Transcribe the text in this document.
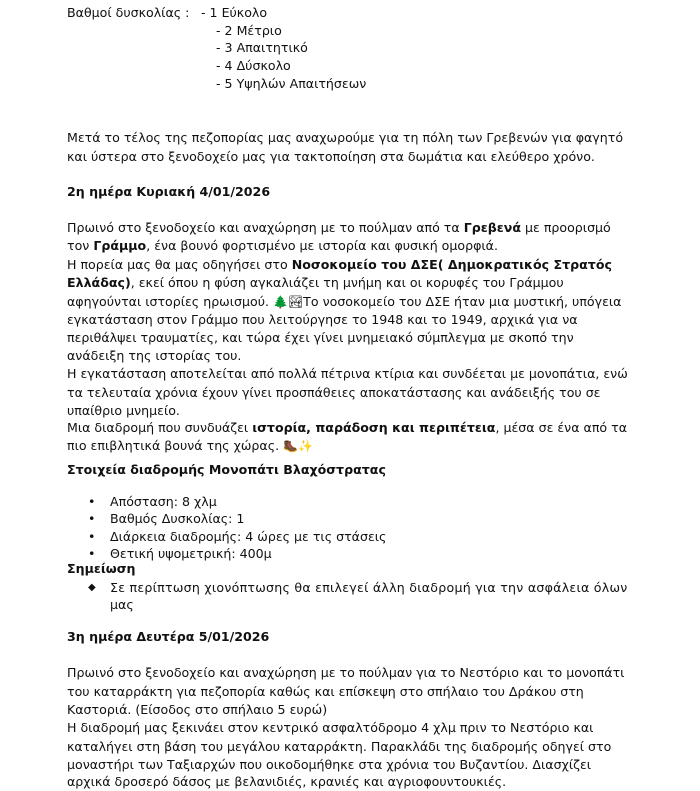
Βαθμοί δυσκολίας : - 1 Εύκολο
- 2 Μέτριο
- 3 Απαιτητικό
- 4 Δύσκολο
- 5 Υψηλών Απαιτήσεων
Μετά το τέλος της πεζοπορίας μας αναχωρούμε για τη πόλη των Γρεβενών για φαγητό
και ύστερα στο ξενοδοχείο μας για τακτοποίηση στα δωμάτια και ελεύθερο χρόνο.
2η ημέρα Κυριακή 4/01/2026
Πρωινό στο ξενοδοχείο και αναχώρηση με το πούλμαν από τα Γρεβενά με προορισμό
τον Γράμμο, ένα βουνό φορτισμένο με ιστορία και φυσική ομορφιά.
Η πορεία μας θα μας οδηγήσει στο Νοσοκομείο του ΔΣΕ( Δημοκρατικός Στρατός
Ελλάδας), εκεί όπου η φύση αγκαλιάζει τη μνήμη και οι κορυφές του Γράμμου
αφηγούνται ιστορίες ηρωισμού. 🌲🏞Το νοσοκομείο του ΔΣΕ ήταν μια μυστική, υπόγεια
εγκατάσταση στον Γράμμο που λειτούργησε το 1948 και το 1949, αρχικά για να
περιθάλψει τραυματίες, και τώρα έχει γίνει μνημειακό σύμπλεγμα με σκοπό την
ανάδειξη της ιστορίας του.
Η εγκατάσταση αποτελείται από πολλά πέτρινα κτίρια και συνδέεται με μονοπάτια, ενώ
τα τελευταία χρόνια έχουν γίνει προσπάθειες αποκατάστασης και ανάδειξής του σε
υπαίθριο μνημείο.
Μια διαδρομή που συνδυάζει ιστορία, παράδοση και περιπέτεια, μέσα σε ένα από τα
πιο επιβλητικά βουνά της χώρας. 🥾✨
Στοιχεία διαδρομής Μονοπάτι Βλαχόστρατας
• Απόσταση: 8 χλμ
• Βαθμός Δυσκολίας: 1
• Διάρκεια διαδρομής: 4 ώρες με τις στάσεις
• Θετική υψομετρική: 400μ
Σημείωση
◆ Σε περίπτωση χιονόπτωσης θα επιλεγεί άλλη διαδρομή για την ασφάλεια όλων
μας
3η ημέρα Δευτέρα 5/01/2026
Πρωινό στο ξενοδοχείο και αναχώρηση με το πούλμαν για το Νεστόριο και το μονοπάτι
του καταρράκτη για πεζοπορία καθώς και επίσκεψη στο σπήλαιο του Δράκου στη
Καστοριά. (Είσοδος στο σπήλαιο 5 ευρώ)
Η διαδρομή μας ξεκινάει στον κεντρικό ασφαλτόδρομο 4 χλμ πριν το Νεστόριο και
καταλήγει στη βάση του μεγάλου καταρράκτη. Παρακλάδι της διαδρομής οδηγεί στο
μοναστήρι των Ταξιαρχών που οικοδομήθηκε στα χρόνια του Βυζαντίου. Διασχίζει
αρχικά δροσερό δάσος με βελανιδιές, κρανιές και αγριοφουντουκιές.
